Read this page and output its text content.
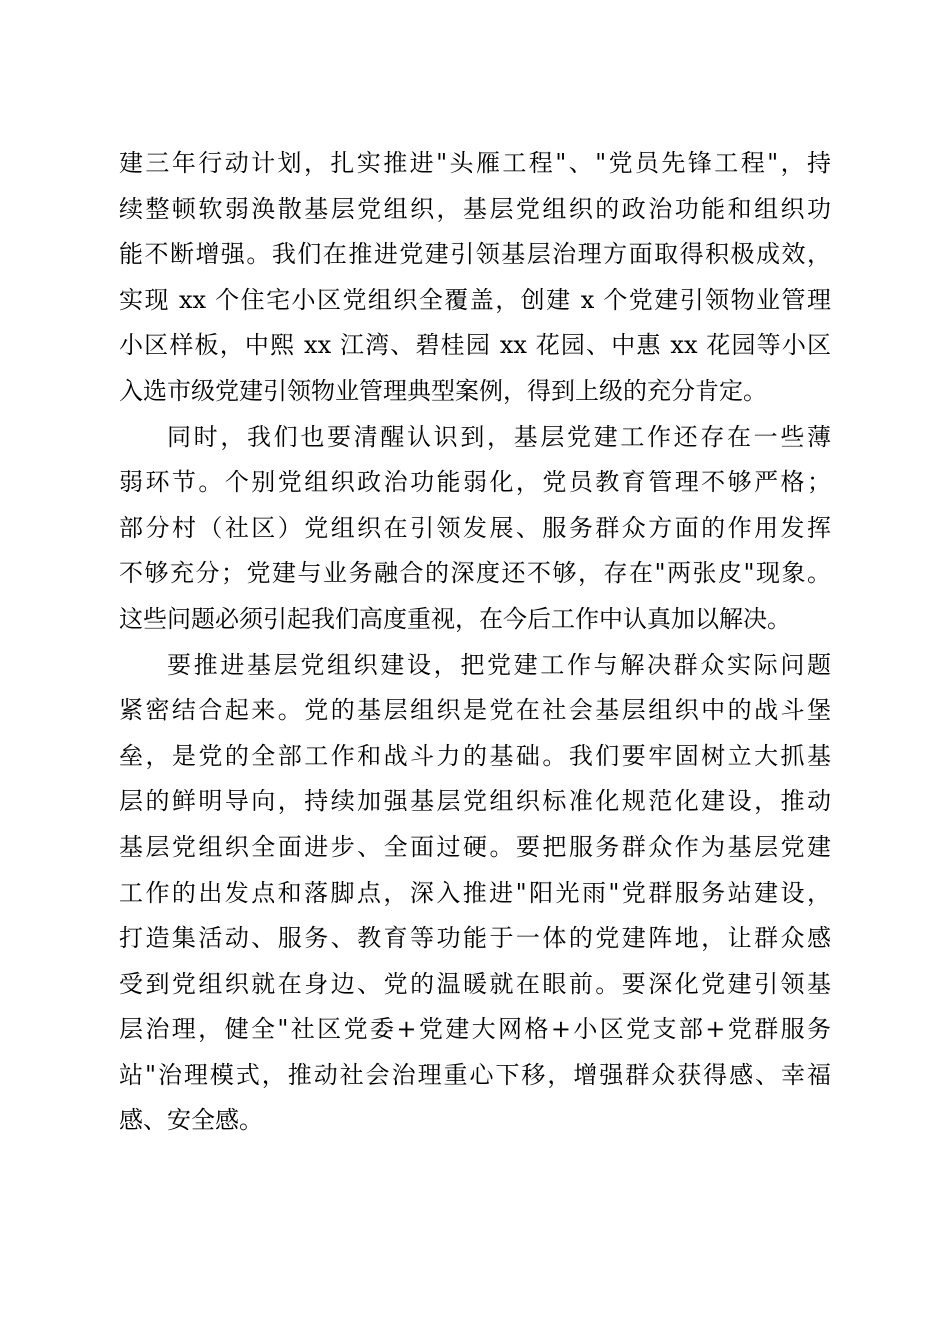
建三年行动计划，扎实推进"头雁工程"、"党员先锋工程"，持
续整顿软弱涣散基层党组织，基层党组织的政治功能和组织功
能不断增强。我们在推进党建引领基层治理方面取得积极成效，
实现 xx 个住宅小区党组织全覆盖，创建 x 个党建引领物业管理
小区样板，中熙 xx 江湾、碧桂园 xx 花园、中惠 xx 花园等小区
入选市级党建引领物业管理典型案例，得到上级的充分肯定。

同时，我们也要清醒认识到，基层党建工作还存在一些薄
弱环节。个别党组织政治功能弱化，党员教育管理不够严格；
部分村（社区）党组织在引领发展、服务群众方面的作用发挥
不够充分；党建与业务融合的深度还不够，存在"两张皮"现象。
这些问题必须引起我们高度重视，在今后工作中认真加以解决。

要推进基层党组织建设，把党建工作与解决群众实际问题
紧密结合起来。党的基层组织是党在社会基层组织中的战斗堡
垒，是党的全部工作和战斗力的基础。我们要牢固树立大抓基
层的鲜明导向，持续加强基层党组织标准化规范化建设，推动
基层党组织全面进步、全面过硬。要把服务群众作为基层党建
工作的出发点和落脚点，深入推进"阳光雨"党群服务站建设，
打造集活动、服务、教育等功能于一体的党建阵地，让群众感
受到党组织就在身边、党的温暖就在眼前。要深化党建引领基
层治理，健全"社区党委+党建大网格+小区党支部+党群服务
站"治理模式，推动社会治理重心下移，增强群众获得感、幸福
感、安全感。
